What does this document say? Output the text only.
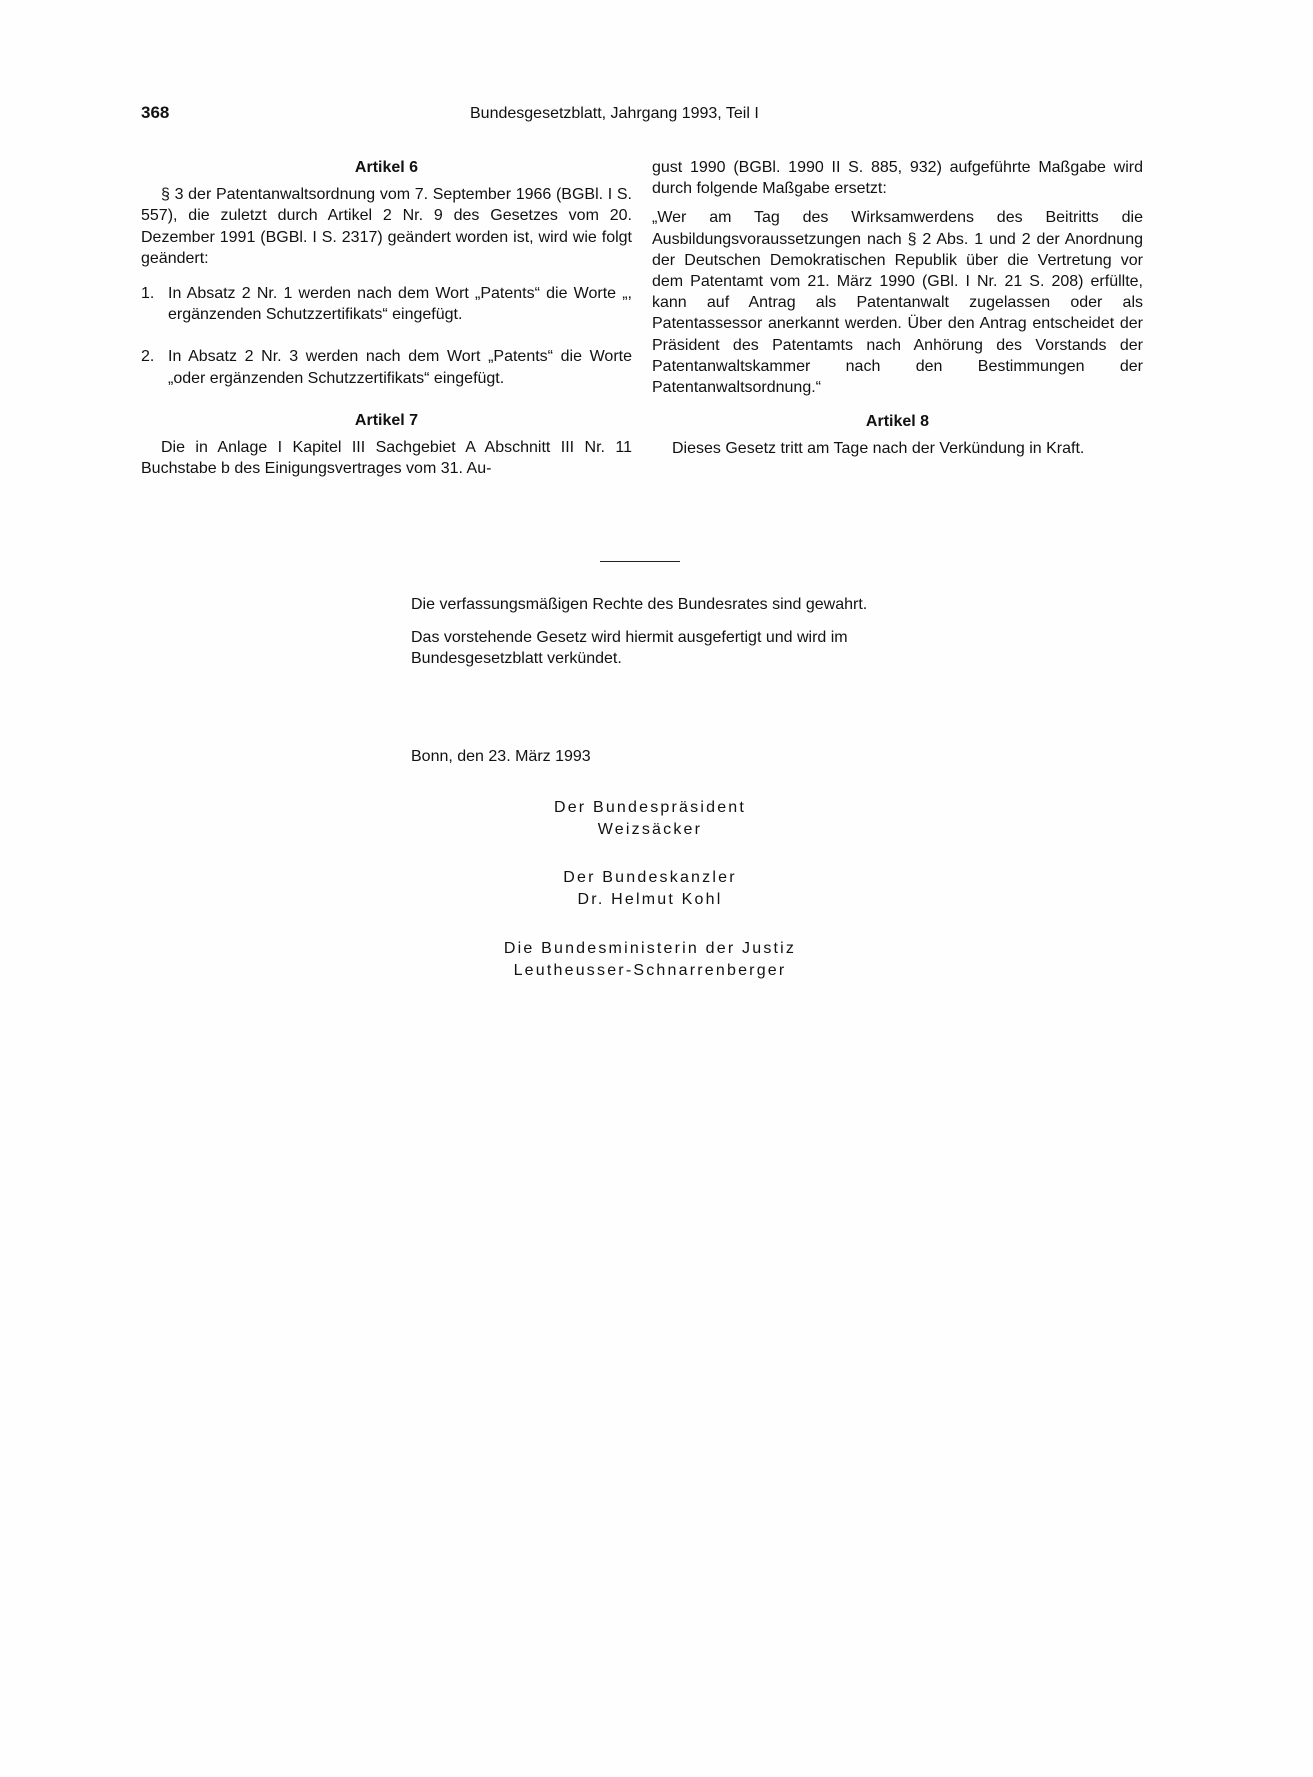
368	Bundesgesetzblatt, Jahrgang 1993, Teil I

Artikel 6

§ 3 der Patentanwaltsordnung vom 7. September 1966 (BGBl. I S. 557), die zuletzt durch Artikel 2 Nr. 9 des Gesetzes vom 20. Dezember 1991 (BGBl. I S. 2317) geändert worden ist, wird wie folgt geändert:

1. In Absatz 2 Nr. 1 werden nach dem Wort „Patents“ die Worte „, ergänzenden Schutzzertifikats“ eingefügt.
2. In Absatz 2 Nr. 3 werden nach dem Wort „Patents“ die Worte „oder ergänzenden Schutzzertifikats“ eingefügt.

Artikel 7

Die in Anlage I Kapitel III Sachgebiet A Abschnitt III Nr. 11 Buchstabe b des Einigungsvertrages vom 31. Au-

gust 1990 (BGBl. 1990 II S. 885, 932) aufgeführte Maßgabe wird durch folgende Maßgabe ersetzt:

„Wer am Tag des Wirksamwerdens des Beitritts die Ausbildungsvoraussetzungen nach § 2 Abs. 1 und 2 der Anordnung der Deutschen Demokratischen Republik über die Vertretung vor dem Patentamt vom 21. März 1990 (GBl. I Nr. 21 S. 208) erfüllte, kann auf Antrag als Patentanwalt zugelassen oder als Patentassessor anerkannt werden. Über den Antrag entscheidet der Präsident des Patentamts nach Anhörung des Vorstands der Patentanwaltskammer nach den Bestimmungen der Patentanwaltsordnung.“

Artikel 8

Dieses Gesetz tritt am Tage nach der Verkündung in Kraft.

Die verfassungsmäßigen Rechte des Bundesrates sind gewahrt.

Das vorstehende Gesetz wird hiermit ausgefertigt und wird im Bundesgesetzblatt verkündet.

Bonn, den 23. März 1993
Der Bundespräsident
Weizsäcker
Der Bundeskanzler
Dr. Helmut Kohl
Die Bundesministerin der Justiz
Leutheusser-Schnarrenberger
